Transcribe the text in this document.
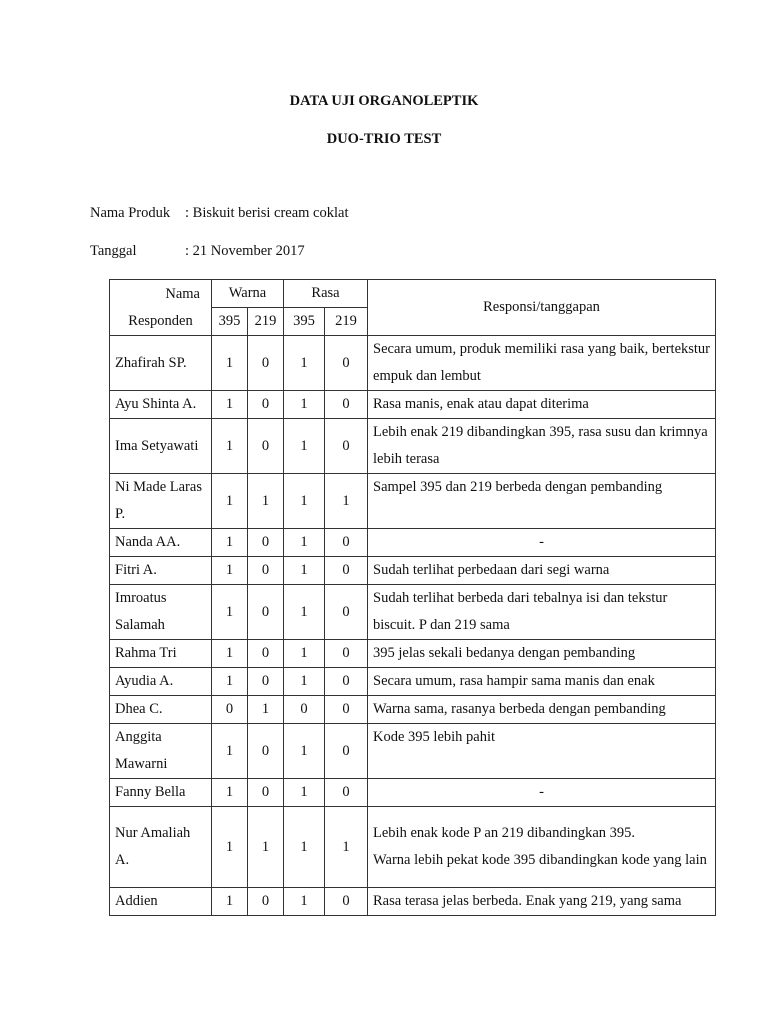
DATA UJI ORGANOLEPTIK
DUO-TRIO TEST
Nama Produk : Biskuit berisi cream coklat
Tanggal	: 21 November 2017
Nama
Responden	Warna		Rasa		Responsi/tanggapan
	395	219	395	219	
Zhafirah SP.	1	0	1	0	Secara umum, produk memiliki rasa yang baik, bertekstur empuk dan lembut
Ayu Shinta A.	1	0	1	0	Rasa manis, enak atau dapat diterima
Ima Setyawati	1	0	1	0	Lebih enak 219 dibandingkan 395, rasa susu dan krimnya lebih terasa
Ni Made Laras P.	1	1	1	1	Sampel 395 dan 219 berbeda dengan pembanding
Nanda AA.	1	0	1	0	-
Fitri A.	1	0	1	0	Sudah terlihat perbedaan dari segi warna
Imroatus Salamah	1	0	1	0	Sudah terlihat berbeda dari tebalnya isi dan tekstur biscuit. P dan 219 sama
Rahma Tri	1	0	1	0	395 jelas sekali bedanya dengan pembanding
Ayudia A.	1	0	1	0	Secara umum, rasa hampir sama manis dan enak
Dhea C.	0	1	0	0	Warna sama, rasanya berbeda dengan pembanding
Anggita Mawarni	1	0	1	0	Kode 395 lebih pahit
Fanny Bella	1	0	1	0	-
Nur Amaliah A.	1	1	1	1	Lebih enak kode P an 219 dibandingkan 395.
Warna lebih pekat kode 395 dibandingkan kode yang lain

Addien	1	0	1	0	Rasa terasa jelas berbeda. Enak yang 219, yang sama
